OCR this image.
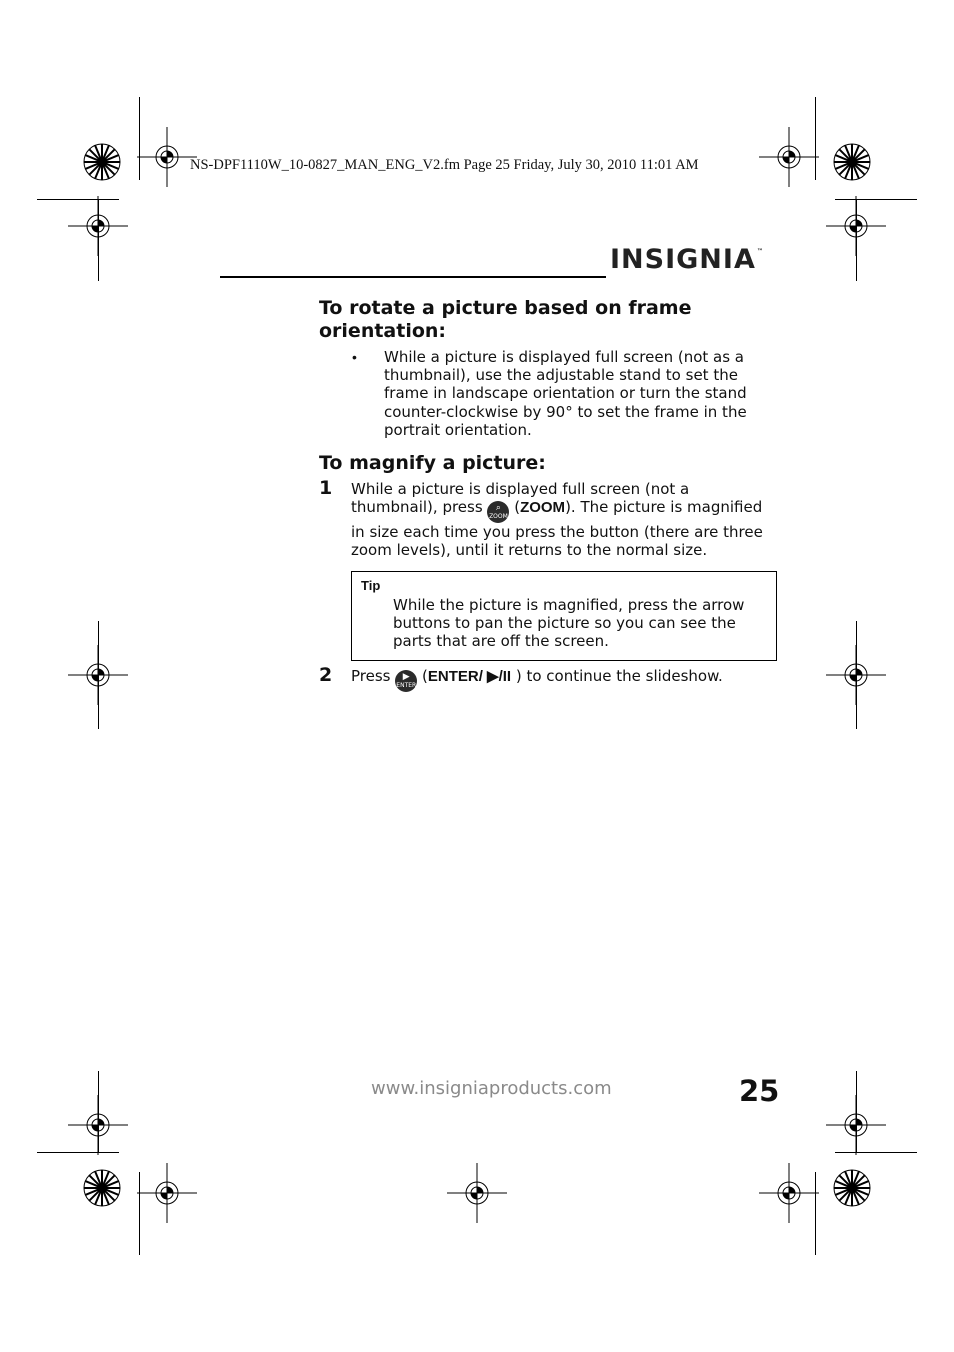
NS-DPF1110W_10-0827_MAN_ENG_V2.fm Page 25 Friday, July 30, 2010 11:01 AM
INSIGNIA™
To rotate a picture based on frame orientation:
• While a picture is displayed full screen (not as a thumbnail), use the adjustable stand to set the frame in landscape orientation or turn the stand counter-clockwise by 90° to set the frame in the portrait orientation.
To magnify a picture:
1 While a picture is displayed full screen (not a thumbnail), press ⌕
ZOOM (ZOOM). The picture is magnified in size each time you press the button (there are three zoom levels), until it returns to the normal size.
Tip
While the picture is magnified, press the arrow buttons to pan the picture so you can see the parts that are off the screen.
2 Press ▶
ENTER (ENTER/ ▶/II ) to continue the slideshow.
www.insigniaproducts.com	25
